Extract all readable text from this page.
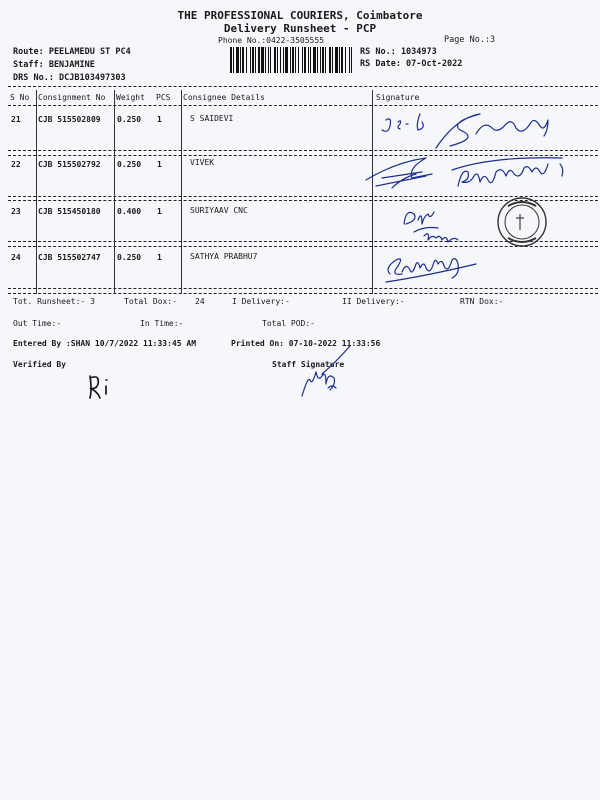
THE PROFESSIONAL COURIERS, Coimbatore
Delivery Runsheet - PCP
Phone No.:0422-3505555	Page No.:3
Route: PEELAMEDU ST PC4
Staff: BENJAMINE
DRS No.: DCJB103497303
RS No.: 1034973
RS Date: 07-Oct-2022
S No Consignment No Weight PCS Consignee Details	Signature
21 CJB 515502809 0.250 1	S SAIDEVI
22 CJB 515502792 0.250 1	VIVEK
23 CJB 515450180 0.400 1	SURIYAAV CNC
24 CJB 515502747 0.250 1	SATHYA PRABHU7
Tot. Runsheet:- 3	Total Dox:- 24	I Delivery:-	II Delivery:-	RTN Dox:-
Out Time:-	In Time:-	Total POD:-
Entered By :SHAN 10/7/2022 11:33:45 AM	Printed On: 07-10-2022 11:33:56
Verified By	Staff Signature
